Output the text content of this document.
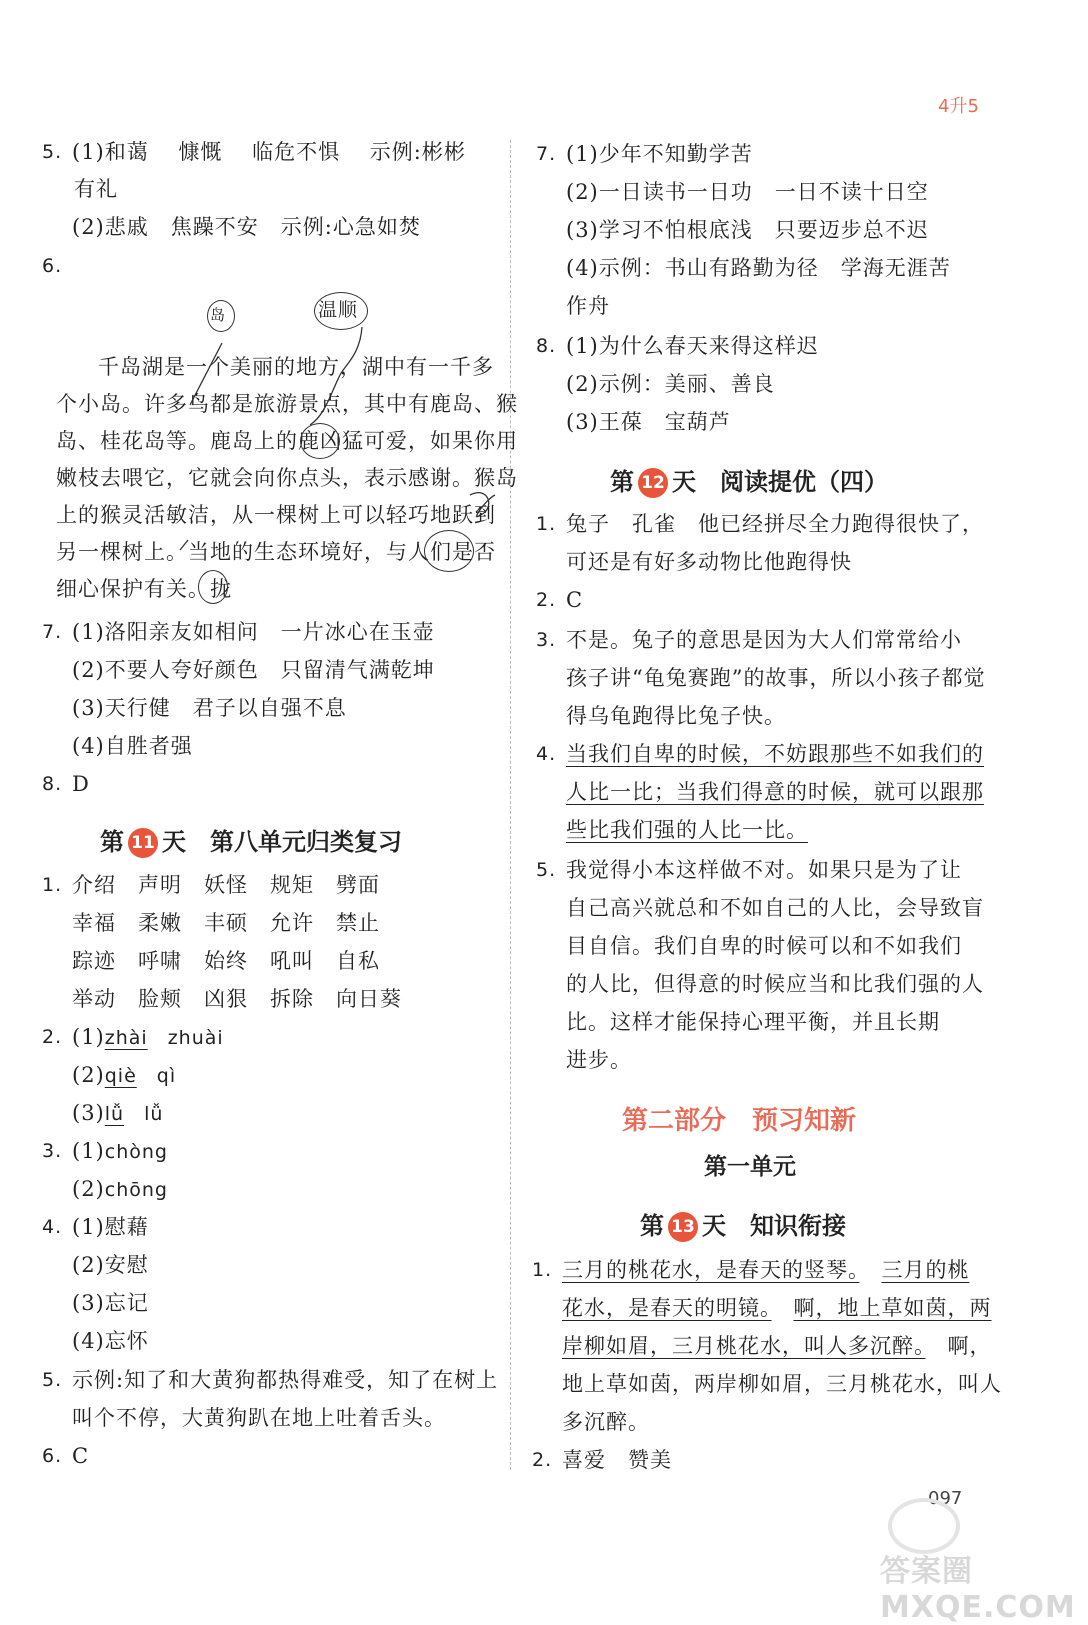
4升5
5. (1)和蔼　 慷慨　 临危不惧　 示例:彬彬
有礼
(2)悲戚　焦躁不安　示例:心急如焚
6.
岛	温顺
千岛湖是一个美丽的地方，湖中有一千多
个小岛。许多鸟都是旅游景点，其中有鹿岛、猴
岛、桂花岛等。鹿岛上的鹿凶猛可爱，如果你用
嫩枝去喂它，它就会向你点头，表示感谢。猴岛
上的猴灵活敏洁，从一棵树上可以轻巧地跃到
另一棵树上。当地的生态环境好，与人们是否
细心保护有关。拢
7. (1)洛阳亲友如相问　一片冰心在玉壶
(2)不要人夸好颜色　只留清气满乾坤
(3)天行健　君子以自强不息
(4)自胜者强
8. D
第 11 天　第八单元归类复习
1. 介绍　声明　妖怪　规矩　劈面
幸福　柔嫩　丰硕　允许　禁止
踪迹　呼啸　始终　吼叫　自私
举动　脸颊　凶狠　拆除　向日葵
2. (1)zhài　zhuài
(2)qiè　qì
(3)lǚ　lǚ
3. (1)chòng
(2)chōng
4. (1)慰藉
(2)安慰
(3)忘记
(4)忘怀
5. 示例:知了和大黄狗都热得难受，知了在树上
叫个不停，大黄狗趴在地上吐着舌头。
6. C
7. (1)少年不知勤学苦
(2)一日读书一日功　一日不读十日空
(3)学习不怕根底浅　只要迈步总不迟
(4)示例：书山有路勤为径　学海无涯苦
作舟
8. (1)为什么春天来得这样迟
(2)示例：美丽、善良
(3)王葆　宝葫芦
第 12 天　阅读提优（四）
1. 兔子　孔雀　他已经拼尽全力跑得很快了，
可还是有好多动物比他跑得快
2. C
3. 不是。兔子的意思是因为大人们常常给小
孩子讲“龟兔赛跑”的故事，所以小孩子都觉
得乌龟跑得比兔子快。
4. 当我们自卑的时候，不妨跟那些不如我们的
人比一比；当我们得意的时候，就可以跟那
些比我们强的人比一比。
5. 我觉得小本这样做不对。如果只是为了让
自己高兴就总和不如自己的人比，会导致盲
目自信。我们自卑的时候可以和不如我们
的人比，但得意的时候应当和比我们强的人
比。这样才能保持心理平衡，并且长期
进步。
第二部分　预习知新
第一单元
第 13 天　知识衔接
1. 三月的桃花水，是春天的竖琴。　 三月的桃
花水，是春天的明镜。　 啊，地上草如茵，两
岸柳如眉，三月桃花水，叫人多沉醉。　啊，
地上草如茵，两岸柳如眉，三月桃花水，叫人
多沉醉。
2. 喜爱　赞美
097
答案圈 MXQE.COM
